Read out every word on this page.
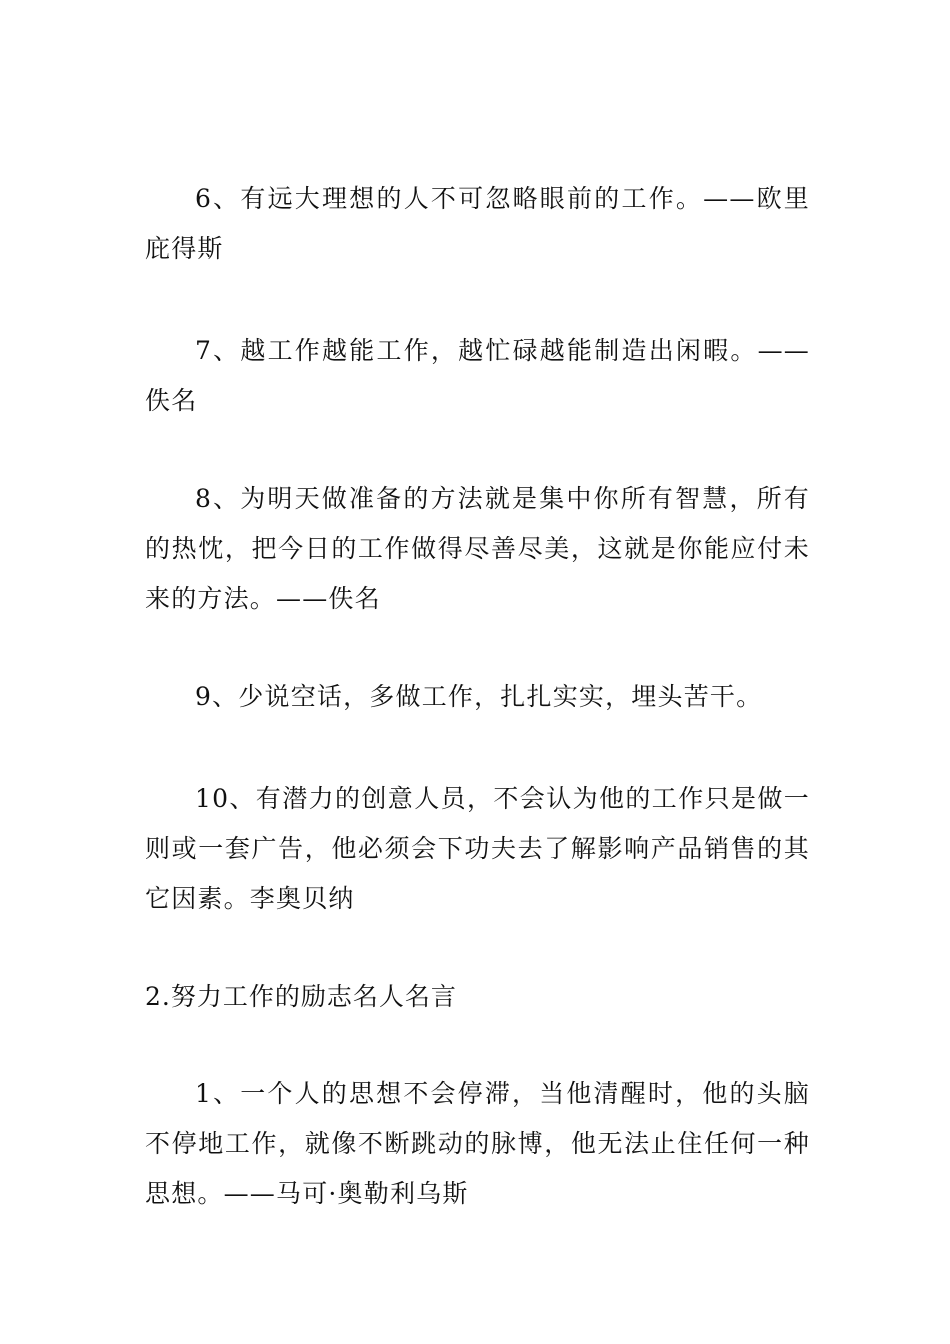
6、有远大理想的人不可忽略眼前的工作。——欧里庇得斯

7、越工作越能工作，越忙碌越能制造出闲暇。——佚名

8、为明天做准备的方法就是集中你所有智慧，所有的热忱，把今日的工作做得尽善尽美，这就是你能应付未来的方法。——佚名

9、少说空话，多做工作，扎扎实实，埋头苦干。

10、有潜力的创意人员，不会认为他的工作只是做一则或一套广告，他必须会下功夫去了解影响产品销售的其它因素。李奥贝纳

2.努力工作的励志名人名言

1、一个人的思想不会停滞，当他清醒时，他的头脑不停地工作，就像不断跳动的脉博，他无法止住任何一种思想。——马可·奥勒利乌斯
